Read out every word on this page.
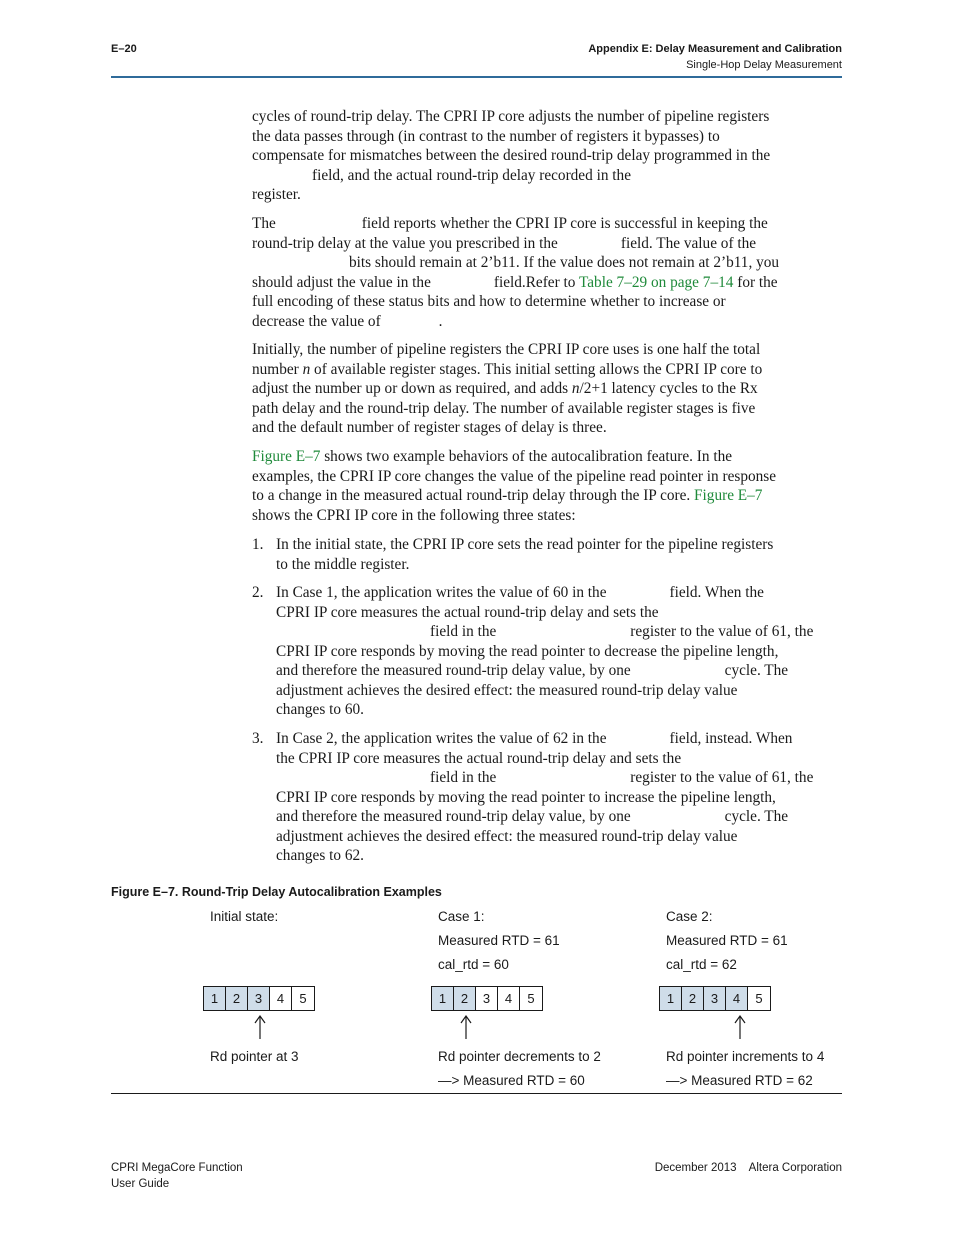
E–20	Appendix E: Delay Measurement and Calibration
Single-Hop Delay Measurement
cycles of round-trip delay. The CPRI IP core adjusts the number of pipeline registers
the data passes through (in contrast to the number of registers it bypasses) to
compensate for mismatches between the desired round-trip delay programmed in the
field, and the actual round-trip delay recorded in the
register.
The	field reports whether the CPRI IP core is successful in keeping the
round-trip delay at the value you prescribed in the	field. The value of the
bits should remain at 2’b11. If the value does not remain at 2’b11, you
should adjust the value in the	field.Refer to Table 7–29 on page 7–14 for the
full encoding of these status bits and how to determine whether to increase or
decrease the value of	.
Initially, the number of pipeline registers the CPRI IP core uses is one half the total
number n of available register stages. This initial setting allows the CPRI IP core to
adjust the number up or down as required, and adds n/2+1 latency cycles to the Rx
path delay and the round-trip delay. The number of available register stages is five
and the default number of register stages of delay is three.
Figure E–7 shows two example behaviors of the autocalibration feature. In the
examples, the CPRI IP core changes the value of the pipeline read pointer in response
to a change in the measured actual round-trip delay through the IP core. Figure E–7
shows the CPRI IP core in the following three states:
1. In the initial state, the CPRI IP core sets the read pointer for the pipeline registers
to the middle register.
2. In Case 1, the application writes the value of 60 in the	field. When the
CPRI IP core measures the actual round-trip delay and sets the
field in the	register to the value of 61, the
CPRI IP core responds by moving the read pointer to decrease the pipeline length,
and therefore the measured round-trip delay value, by one	cycle. The
adjustment achieves the desired effect: the measured round-trip delay value
changes to 60.
3. In Case 2, the application writes the value of 62 in the	field, instead. When
the CPRI IP core measures the actual round-trip delay and sets the
field in the	register to the value of 61, the
CPRI IP core responds by moving the read pointer to increase the pipeline length,
and therefore the measured round-trip delay value, by one	cycle. The
adjustment achieves the desired effect: the measured round-trip delay value
changes to 62.
Figure E–7. Round-Trip Delay Autocalibration Examples
Initial state:
1	2	3	4	5
Rd pointer at 3
Case 1:
Measured RTD = 61
cal_rtd = 60
1	2	3	4	5
Rd pointer decrements to 2
—> Measured RTD = 60
Case 2:
Measured RTD = 61
cal_rtd = 62
1	2	3	4	5
Rd pointer increments to 4
—> Measured RTD = 62
CPRI MegaCore Function
User Guide
December 2013    Altera Corporation
